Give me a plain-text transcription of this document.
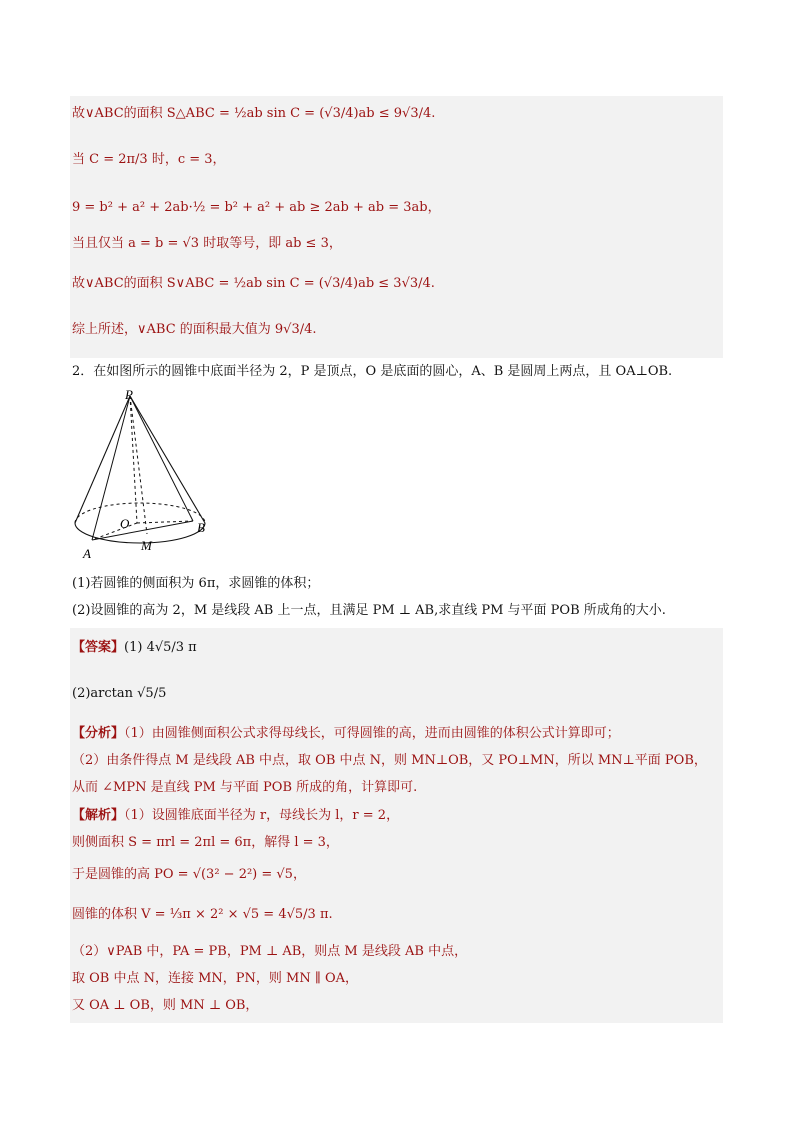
故∨ABC的面积 S△ABC = ½ab sin C = (√3/4)ab ≤ 9√3/4.
当 C = 2π/3 时，c = 3，
9 = b² + a² + 2ab·½ = b² + a² + ab ≥ 2ab + ab = 3ab，
当且仅当 a = b = √3 时取等号，即 ab ≤ 3，
故∨ABC的面积 S∨ABC = ½ab sin C = (√3/4)ab ≤ 3√3/4.
综上所述，∨ABC 的面积最大值为 9√3/4.
2．在如图所示的圆锥中底面半径为 2，P 是顶点，O 是底面的圆心，A、B 是圆周上两点，且 OA⊥OB.
P
O	B
A
M
(1)若圆锥的侧面积为 6π，求圆锥的体积；
(2)设圆锥的高为 2，M 是线段 AB 上一点，且满足 PM ⊥ AB,求直线 PM 与平面 POB 所成角的大小.
【答案】(1) 4√5/3 π
(2)arctan √5/5
【分析】（1）由圆锥侧面积公式求得母线长，可得圆锥的高，进而由圆锥的体积公式计算即可；
（2）由条件得点 M 是线段 AB 中点，取 OB 中点 N，则 MN⊥OB，又 PO⊥MN，所以 MN⊥平面 POB，
从而 ∠MPN 是直线 PM 与平面 POB 所成的角，计算即可.
【解析】（1）设圆锥底面半径为 r，母线长为 l，r = 2，
则侧面积 S = πrl = 2πl = 6π，解得 l = 3，
于是圆锥的高 PO = √(3² − 2²) = √5，
圆锥的体积 V = ⅓π × 2² × √5 = 4√5/3 π.
（2）∨PAB 中，PA = PB，PM ⊥ AB，则点 M 是线段 AB 中点，
取 OB 中点 N，连接 MN，PN，则 MN ∥ OA，
又 OA ⊥ OB，则 MN ⊥ OB，
